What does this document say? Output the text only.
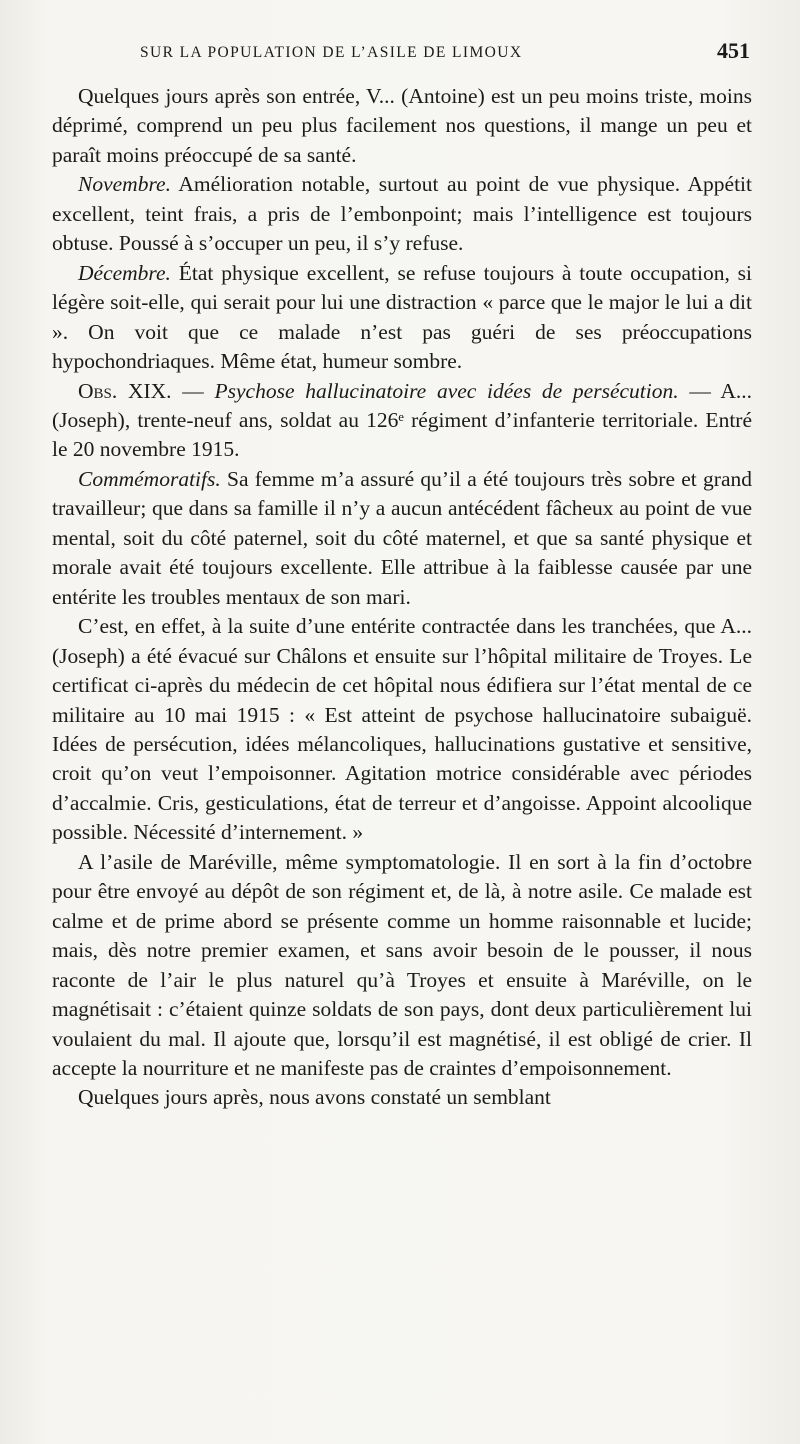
SUR LA POPULATION DE L’ASILE DE LIMOUX	451

Quelques jours après son entrée, V... (Antoine) est un peu moins triste, moins déprimé, comprend un peu plus facilement nos questions, il mange un peu et paraît moins préoccupé de sa santé.

Novembre. Amélioration notable, surtout au point de vue physique. Appétit excellent, teint frais, a pris de l’embonpoint; mais l’intelligence est toujours obtuse. Poussé à s’occuper un peu, il s’y refuse.

Décembre. État physique excellent, se refuse toujours à toute occupation, si légère soit-elle, qui serait pour lui une distraction « parce que le major le lui a dit ». On voit que ce malade n’est pas guéri de ses préoccupations hypochondriaques. Même état, humeur sombre.

Obs. XIX. — Psychose hallucinatoire avec idées de persécution. — A... (Joseph), trente-neuf ans, soldat au 126ᵉ régiment d’infanterie territoriale. Entré le 20 novembre 1915.

Commémoratifs. Sa femme m’a assuré qu’il a été toujours très sobre et grand travailleur; que dans sa famille il n’y a aucun antécédent fâcheux au point de vue mental, soit du côté paternel, soit du côté maternel, et que sa santé physique et morale avait été toujours excellente. Elle attribue à la faiblesse causée par une entérite les troubles mentaux de son mari.

C’est, en effet, à la suite d’une entérite contractée dans les tranchées, que A... (Joseph) a été évacué sur Châlons et ensuite sur l’hôpital militaire de Troyes. Le certificat ci-après du médecin de cet hôpital nous édifiera sur l’état mental de ce militaire au 10 mai 1915 : « Est atteint de psychose hallucinatoire subaiguë. Idées de persécution, idées mélancoliques, hallucinations gustative et sensitive, croit qu’on veut l’empoisonner. Agitation motrice considérable avec périodes d’accalmie. Cris, gesticulations, état de terreur et d’angoisse. Appoint alcoolique possible. Nécessité d’internement. »

A l’asile de Maréville, même symptomatologie. Il en sort à la fin d’octobre pour être envoyé au dépôt de son régiment et, de là, à notre asile. Ce malade est calme et de prime abord se présente comme un homme raisonnable et lucide; mais, dès notre premier examen, et sans avoir besoin de le pousser, il nous raconte de l’air le plus naturel qu’à Troyes et ensuite à Maréville, on le magnétisait : c’étaient quinze soldats de son pays, dont deux particulièrement lui voulaient du mal. Il ajoute que, lorsqu’il est magnétisé, il est obligé de crier. Il accepte la nourriture et ne manifeste pas de craintes d’empoisonnement.

Quelques jours après, nous avons constaté un semblant
